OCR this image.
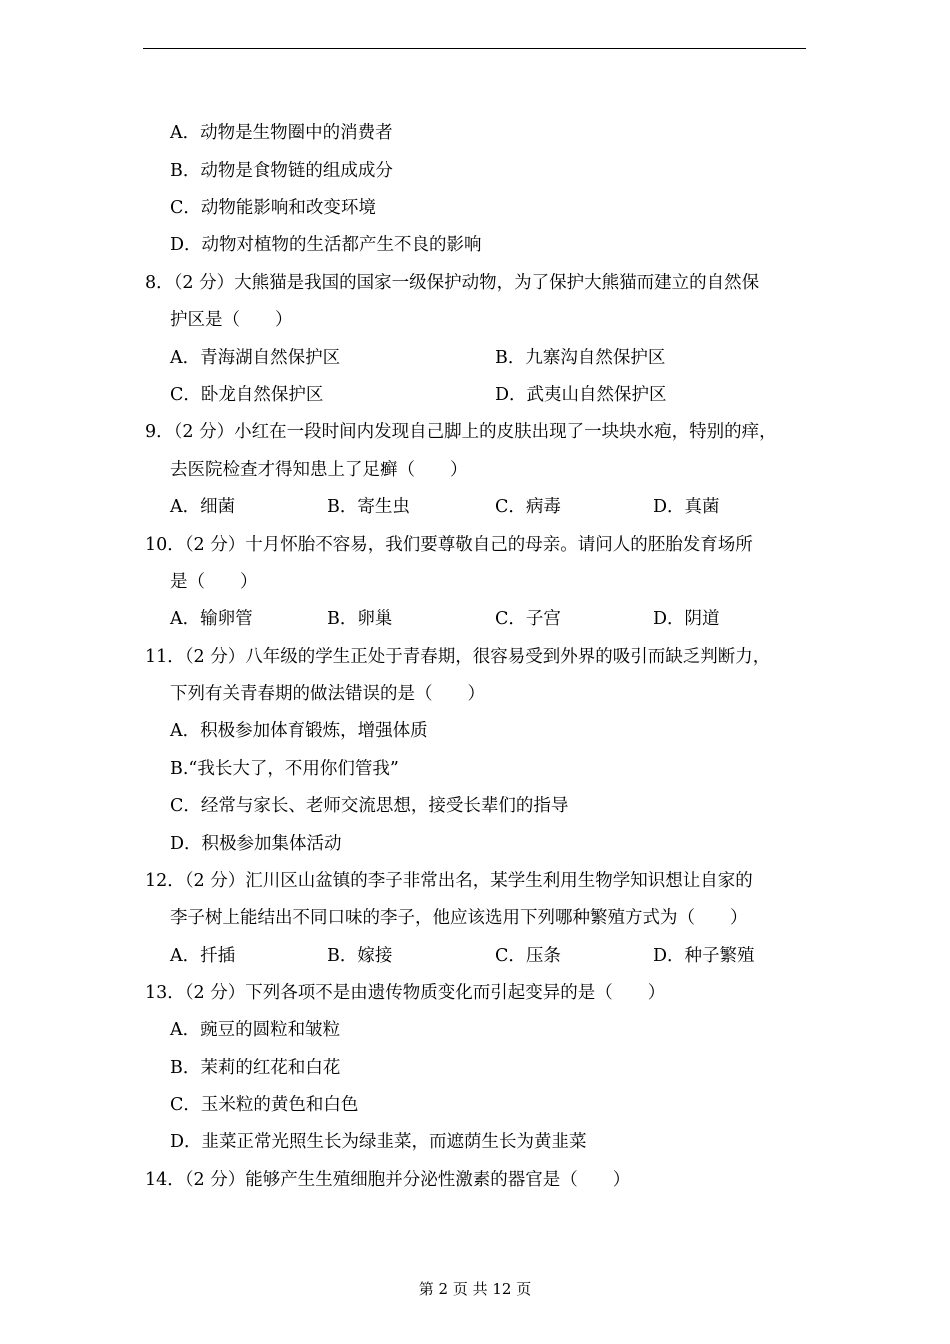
A．动物是生物圈中的消费者
B．动物是食物链的组成成分
C．动物能影响和改变环境
D．动物对植物的生活都产生不良的影响
8．（2 分）大熊猫是我国的国家一级保护动物，为了保护大熊猫而建立的自然保
护区是（　　）
A．青海湖自然保护区	B．九寨沟自然保护区
C．卧龙自然保护区	D．武夷山自然保护区
9．（2 分）小红在一段时间内发现自己脚上的皮肤出现了一块块水疱，特别的痒，
去医院检查才得知患上了足癣（　　）
A．细菌	B．寄生虫	C．病毒	D．真菌
10．（2 分）十月怀胎不容易，我们要尊敬自己的母亲。请问人的胚胎发育场所
是（　　）
A．输卵管	B．卵巢	C．子宫	D．阴道
11．（2 分）八年级的学生正处于青春期，很容易受到外界的吸引而缺乏判断力，
下列有关青春期的做法错误的是（　　）
A．积极参加体育锻炼，增强体质
B.“我长大了，不用你们管我”
C．经常与家长、老师交流思想，接受长辈们的指导
D．积极参加集体活动
12．（2 分）汇川区山盆镇的李子非常出名，某学生利用生物学知识想让自家的
李子树上能结出不同口味的李子，他应该选用下列哪种繁殖方式为（　　）
A．扦插	B．嫁接	C．压条	D．种子繁殖
13．（2 分）下列各项不是由遗传物质变化而引起变异的是（　　）
A．豌豆的圆粒和皱粒
B．茉莉的红花和白花
C．玉米粒的黄色和白色
D．韭菜正常光照生长为绿韭菜，而遮荫生长为黄韭菜
14．（2 分）能够产生生殖细胞并分泌性激素的器官是（　　）
第 2 页 共 12 页
